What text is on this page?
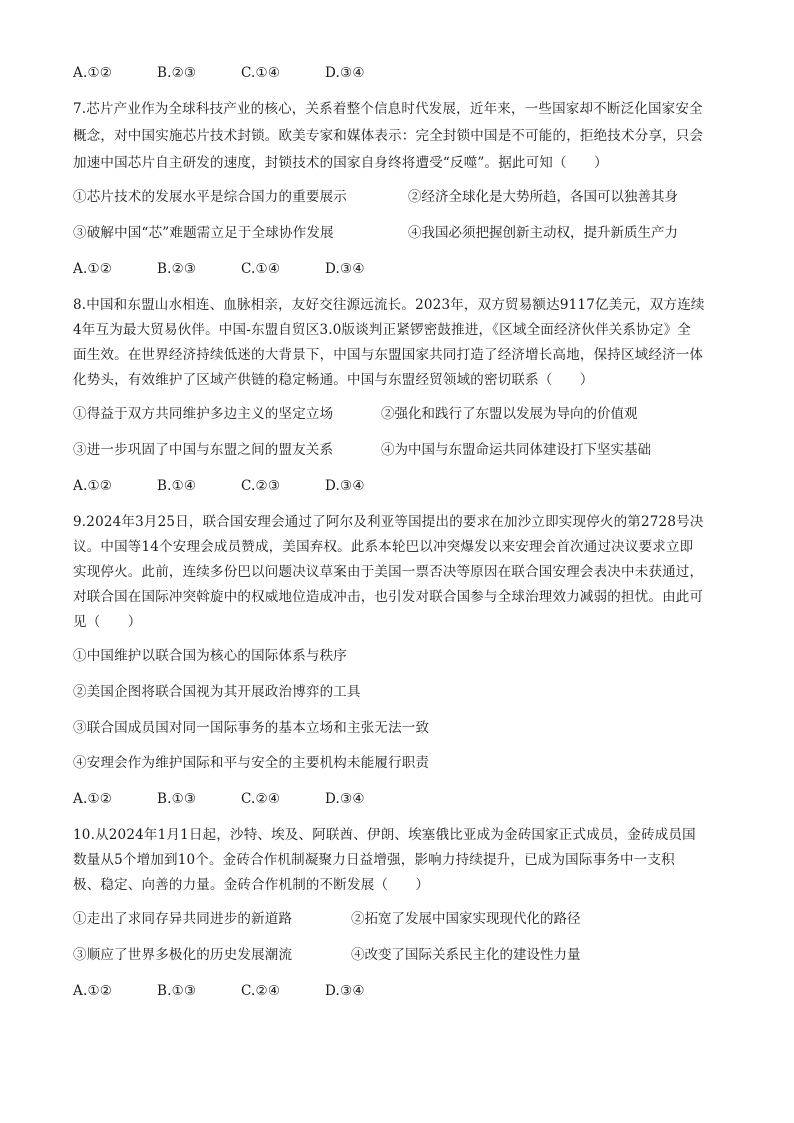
A.①②	B.②③	C.①④	D.③④
7.芯片产业作为全球科技产业的核心，关系着整个信息时代发展，近年来，一些国家却不断泛化国家安全
概念，对中国实施芯片技术封锁。欧美专家和媒体表示：完全封锁中国是不可能的，拒绝技术分享，只会
加速中国芯片自主研发的速度，封锁技术的国家自身终将遭受“反噬”。据此可知（　　）
①芯片技术的发展水平是综合国力的重要展示	②经济全球化是大势所趋，各国可以独善其身
③破解中国“芯”难题需立足于全球协作发展	④我国必须把握创新主动权，提升新质生产力
A.①②	B.②③	C.①④	D.③④
8.中国和东盟山水相连、血脉相亲，友好交往源远流长。2023年，双方贸易额达9117亿美元，双方连续
4年互为最大贸易伙伴。中国-东盟自贸区3.0版谈判正紧锣密鼓推进，《区域全面经济伙伴关系协定》全
面生效。在世界经济持续低迷的大背景下，中国与东盟国家共同打造了经济增长高地，保持区域经济一体
化势头，有效维护了区域产供链的稳定畅通。中国与东盟经贸领域的密切联系（　　）
①得益于双方共同维护多边主义的坚定立场	②强化和践行了东盟以发展为导向的价值观
③进一步巩固了中国与东盟之间的盟友关系	④为中国与东盟命运共同体建设打下坚实基础
A.①②	B.①④	C.②③	D.③④
9.2024年3月25日，联合国安理会通过了阿尔及利亚等国提出的要求在加沙立即实现停火的第2728号决
议。中国等14个安理会成员赞成，美国弃权。此系本轮巴以冲突爆发以来安理会首次通过决议要求立即
实现停火。此前，连续多份巴以问题决议草案由于美国一票否决等原因在联合国安理会表决中未获通过，
对联合国在国际冲突斡旋中的权威地位造成冲击，也引发对联合国参与全球治理效力减弱的担忧。由此可
见（　　）
①中国维护以联合国为核心的国际体系与秩序
②美国企图将联合国视为其开展政治博弈的工具
③联合国成员国对同一国际事务的基本立场和主张无法一致
④安理会作为维护国际和平与安全的主要机构未能履行职责
A.①②	B.①③	C.②④	D.③④
10.从2024年1月1日起，沙特、埃及、阿联酋、伊朗、埃塞俄比亚成为金砖国家正式成员，金砖成员国
数量从5个增加到10个。金砖合作机制凝聚力日益增强，影响力持续提升，已成为国际事务中一支积
极、稳定、向善的力量。金砖合作机制的不断发展（　　）
①走出了求同存异共同进步的新道路	②拓宽了发展中国家实现现代化的路径
③顺应了世界多极化的历史发展潮流	④改变了国际关系民主化的建设性力量
A.①②	B.①③	C.②④	D.③④
